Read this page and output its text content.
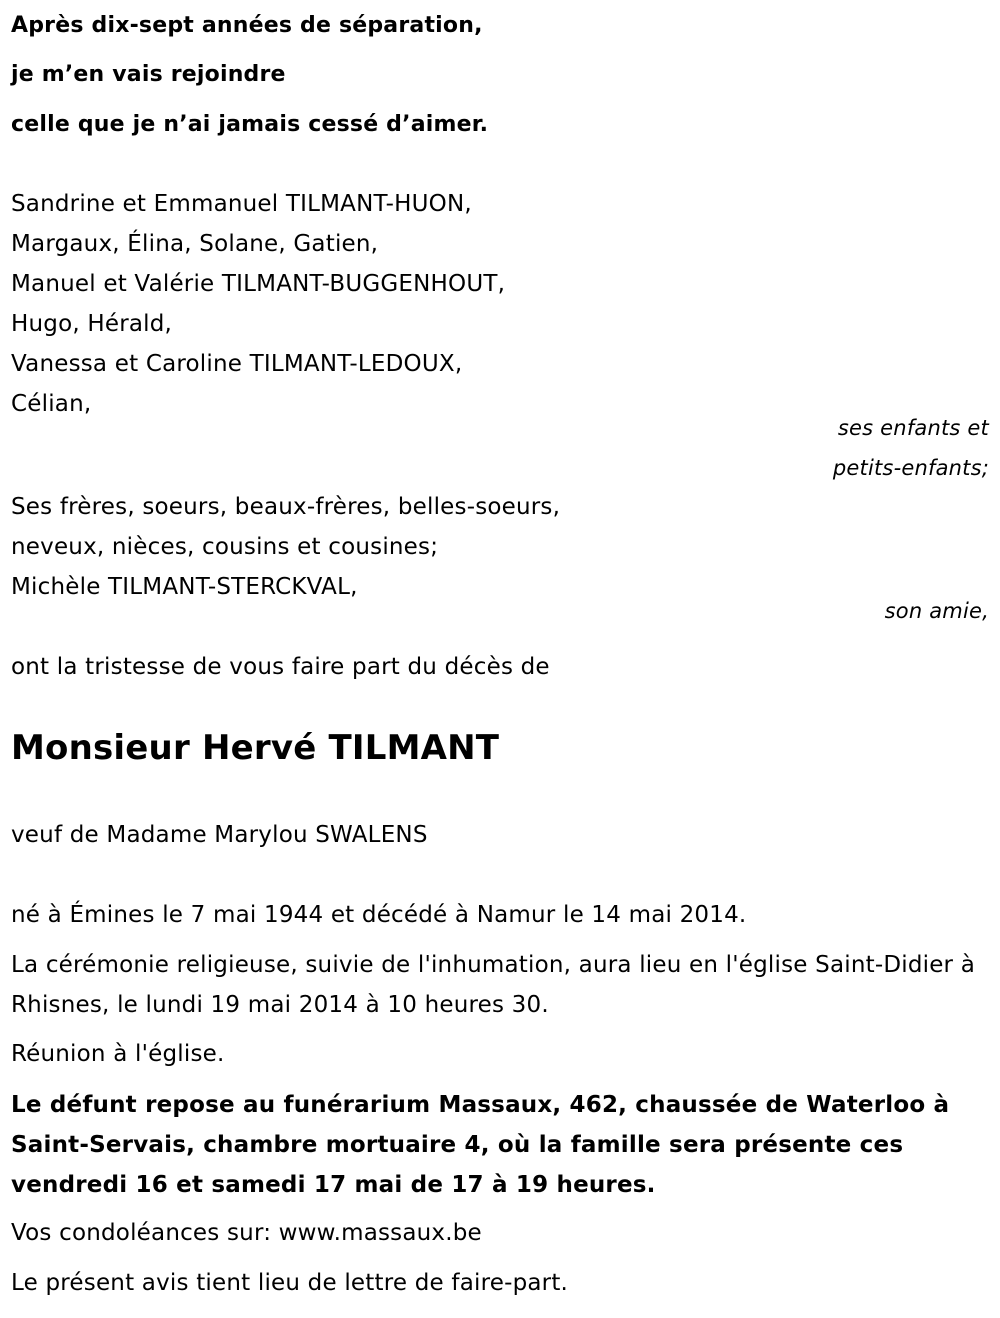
Après dix-sept années de séparation,
je m’en vais rejoindre
celle que je n’ai jamais cessé d’aimer.
Sandrine et Emmanuel TILMANT-HUON,
Margaux, Élina, Solane, Gatien,
Manuel et Valérie TILMANT-BUGGENHOUT,
Hugo, Hérald,
Vanessa et Caroline TILMANT-LEDOUX,
Célian,
ses enfants et
petits-enfants;
Ses frères, soeurs, beaux-frères, belles-soeurs,
neveux, nièces, cousins et cousines;
Michèle TILMANT-STERCKVAL,
son amie,
ont la tristesse de vous faire part du décès de
Monsieur Hervé TILMANT
veuf de Madame Marylou SWALENS
né à Émines le 7 mai 1944 et décédé à Namur le 14 mai 2014.
La cérémonie religieuse, suivie de l'inhumation, aura lieu en l'église Saint-Didier à Rhisnes, le lundi 19 mai 2014 à 10 heures 30.
Réunion à l'église.
Le défunt repose au funérarium Massaux, 462, chaussée de Waterloo à Saint-Servais, chambre mortuaire 4, où la famille sera présente ces vendredi 16 et samedi 17 mai de 17 à 19 heures.
Vos condoléances sur: www.massaux.be
Le présent avis tient lieu de lettre de faire-part.
